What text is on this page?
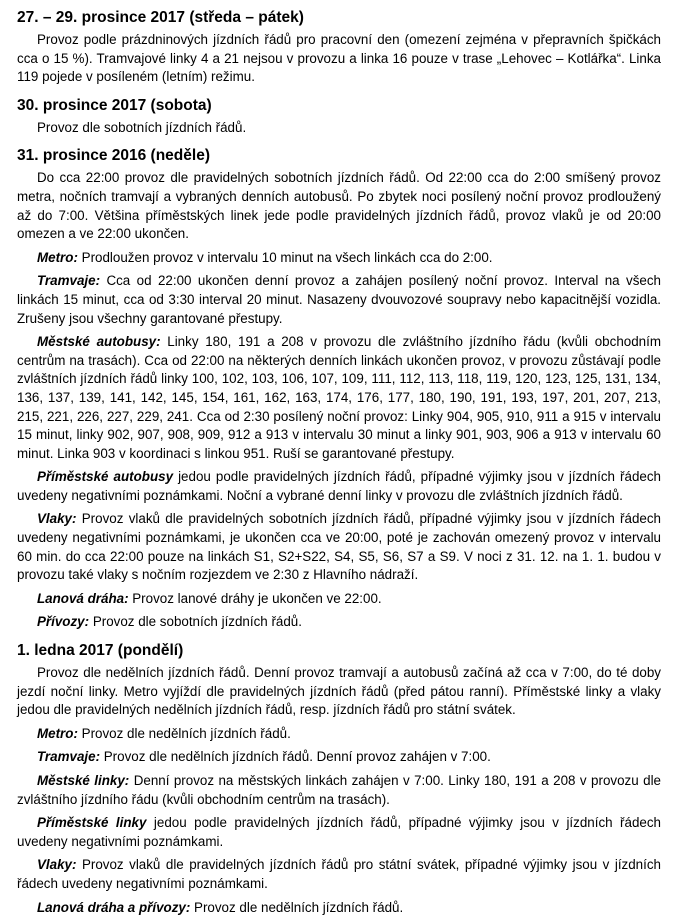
27. – 29. prosince 2017 (středa – pátek)

Provoz podle prázdninových jízdních řádů pro pracovní den (omezení zejména v přepravních špičkách cca o 15 %). Tramvajové linky 4 a 21 nejsou v provozu a linka 16 pouze v trase „Lehovec – Kotlářka“. Linka 119 pojede v posíleném (letním) režimu.

30. prosince 2017 (sobota)

Provoz dle sobotních jízdních řádů.

31. prosince 2016 (neděle)

Do cca 22:00 provoz dle pravidelných sobotních jízdních řádů. Od 22:00 cca do 2:00 smíšený provoz metra, nočních tramvají a vybraných denních autobusů. Po zbytek noci posílený noční provoz prodloužený až do 7:00. Většina příměstských linek jede podle pravidelných jízdních řádů, provoz vlaků je od 20:00 omezen a ve 22:00 ukončen.

Metro: Prodloužen provoz v intervalu 10 minut na všech linkách cca do 2:00.

Tramvaje: Cca od 22:00 ukončen denní provoz a zahájen posílený noční provoz. Interval na všech linkách 15 minut, cca od 3:30 interval 20 minut. Nasazeny dvouvozové soupravy nebo kapacitnější vozidla. Zrušeny jsou všechny garantované přestupy.

Městské autobusy: Linky 180, 191 a 208 v provozu dle zvláštního jízdního řádu (kvůli obchodním centrům na trasách). Cca od 22:00 na některých denních linkách ukončen provoz, v provozu zůstávají podle zvláštních jízdních řádů linky 100, 102, 103, 106, 107, 109, 111, 112, 113, 118, 119, 120, 123, 125, 131, 134, 136, 137, 139, 141, 142, 145, 154, 161, 162, 163, 174, 176, 177, 180, 190, 191, 193, 197, 201, 207, 213, 215, 221, 226, 227, 229, 241. Cca od 2:30 posílený noční provoz: Linky 904, 905, 910, 911 a 915 v intervalu 15 minut, linky 902, 907, 908, 909, 912 a 913 v intervalu 30 minut a linky 901, 903, 906 a 913 v intervalu 60 minut. Linka 903 v koordinaci s linkou 951. Ruší se garantované přestupy.

Příměstské autobusy jedou podle pravidelných jízdních řádů, případné výjimky jsou v jízdních řádech uvedeny negativními poznámkami. Noční a vybrané denní linky v provozu dle zvláštních jízdních řádů.

Vlaky: Provoz vlaků dle pravidelných sobotních jízdních řádů, případné výjimky jsou v jízdních řádech uvedeny negativními poznámkami, je ukončen cca ve 20:00, poté je zachován omezený provoz v intervalu 60 min. do cca 22:00 pouze na linkách S1, S2+S22, S4, S5, S6, S7 a S9. V noci z 31. 12. na 1. 1. budou v provozu také vlaky s nočním rozjezdem ve 2:30 z Hlavního nádraží.

Lanová dráha: Provoz lanové dráhy je ukončen ve 22:00.

Přívozy: Provoz dle sobotních jízdních řádů.

1. ledna 2017 (pondělí)

Provoz dle nedělních jízdních řádů. Denní provoz tramvají a autobusů začíná až cca v 7:00, do té doby jezdí noční linky. Metro vyjíždí dle pravidelných jízdních řádů (před pátou ranní). Příměstské linky a vlaky jedou dle pravidelných nedělních jízdních řádů, resp. jízdních řádů pro státní svátek.

Metro: Provoz dle nedělních jízdních řádů.

Tramvaje: Provoz dle nedělních jízdních řádů. Denní provoz zahájen v 7:00.

Městské linky: Denní provoz na městských linkách zahájen v 7:00. Linky 180, 191 a 208 v provozu dle zvláštního jízdního řádu (kvůli obchodním centrům na trasách).

Příměstské linky jedou podle pravidelných jízdních řádů, případné výjimky jsou v jízdních řádech uvedeny negativními poznámkami.

Vlaky: Provoz vlaků dle pravidelných jízdních řádů pro státní svátek, případné výjimky jsou v jízdních řádech uvedeny negativními poznámkami.

Lanová dráha a přívozy: Provoz dle nedělních jízdních řádů.
